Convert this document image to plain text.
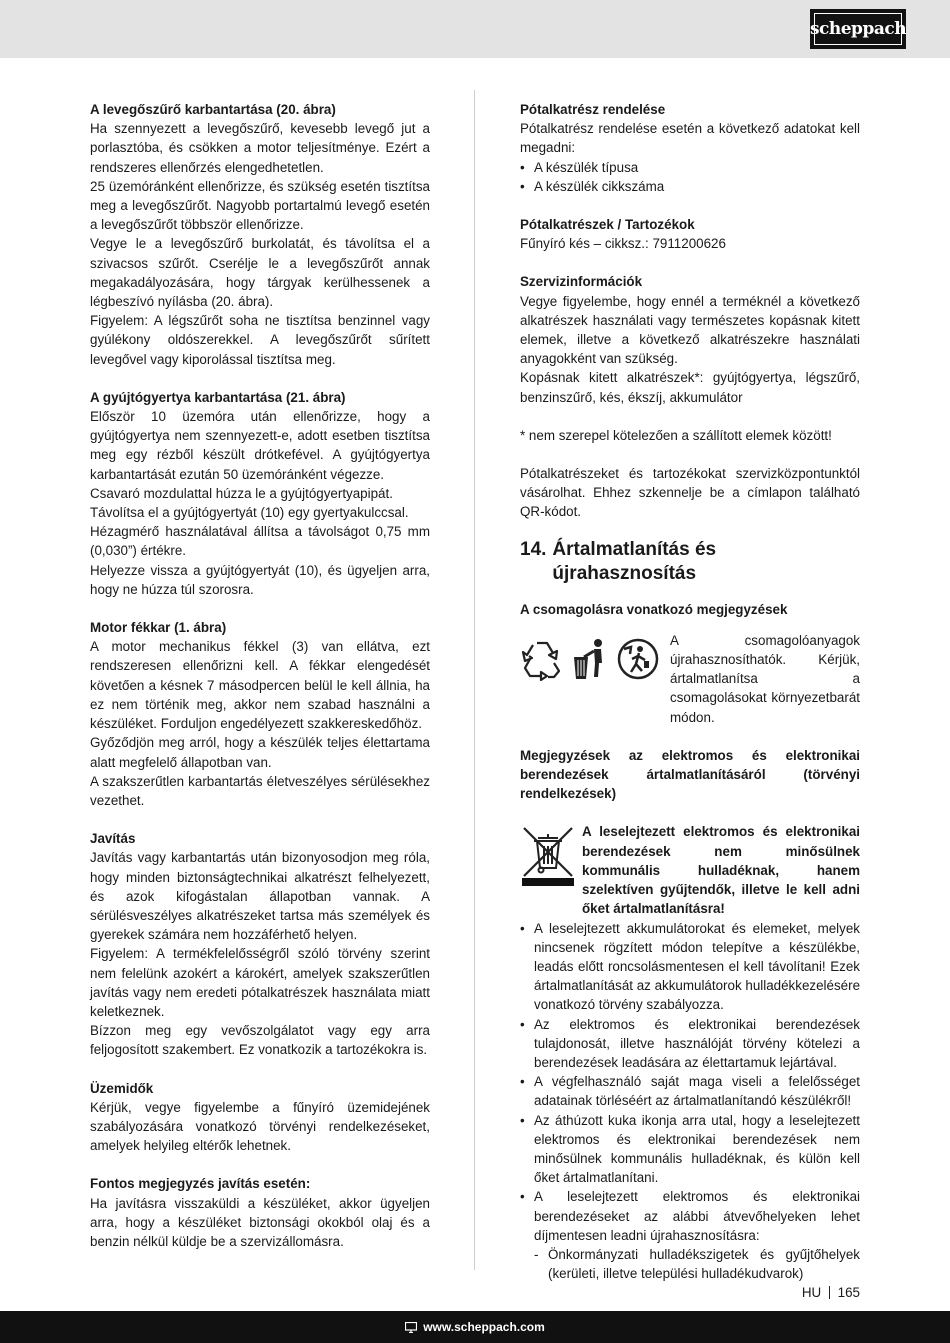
scheppach

A levegőszűrő karbantartása (20. ábra)

Ha szennyezett a levegőszűrő, kevesebb levegő jut a porlasztóba, és csökken a motor teljesítménye. Ezért a rendszeres ellenőrzés elengedhetetlen.

25 üzemóránként ellenőrizze, és szükség esetén tisztítsa meg a levegőszűrőt. Nagyobb portartalmú levegő esetén a levegőszűrőt többször ellenőrizze.

Vegye le a levegőszűrő burkolatát, és távolítsa el a szivacsos szűrőt. Cserélje le a levegőszűrőt annak megakadályozására, hogy tárgyak kerülhessenek a légbeszívó nyílásba (20. ábra).

Figyelem: A légszűrőt soha ne tisztítsa benzinnel vagy gyúlékony oldószerekkel. A levegőszűrőt sűrített levegővel vagy kiporolással tisztítsa meg.

A gyújtógyertya karbantartása (21. ábra)

Először 10 üzemóra után ellenőrizze, hogy a gyújtógyertya nem szennyezett-e, adott esetben tisztítsa meg egy rézből készült drótkefével. A gyújtógyertya karbantartását ezután 50 üzemóránként végezze.

Csavaró mozdulattal húzza le a gyújtógyertyapipát.

Távolítsa el a gyújtógyertyát (10) egy gyertyakulccsal.

Hézagmérő használatával állítsa a távolságot 0,75 mm (0,030”) értékre.

Helyezze vissza a gyújtógyertyát (10), és ügyeljen arra, hogy ne húzza túl szorosra.

Motor fékkar (1. ábra)

A motor mechanikus fékkel (3) van ellátva, ezt rendszeresen ellenőrizni kell. A fékkar elengedését követően a késnek 7 másodpercen belül le kell állnia, ha ez nem történik meg, akkor nem szabad használni a készüléket. Forduljon engedélyezett szakkereskedőhöz.

Győződjön meg arról, hogy a készülék teljes élettartama alatt megfelelő állapotban van.

A szakszerűtlen karbantartás életveszélyes sérülésekhez vezethet.

Javítás

Javítás vagy karbantartás után bizonyosodjon meg róla, hogy minden biztonságtechnikai alkatrészt felhelyezett, és azok kifogástalan állapotban vannak. A sérülésveszélyes alkatrészeket tartsa más személyek és gyerekek számára nem hozzáférhető helyen.

Figyelem: A termékfelelősségről szóló törvény szerint nem felelünk azokért a károkért, amelyek szakszerűtlen javítás vagy nem eredeti pótalkatrészek használata miatt keletkeznek.

Bízzon meg egy vevőszolgálatot vagy egy arra feljogosított szakembert. Ez vonatkozik a tartozékokra is.

Üzemidők

Kérjük, vegye figyelembe a fűnyíró üzemidejének szabályozására vonatkozó törvényi rendelkezéseket, amelyek helyileg eltérők lehetnek.

Fontos megjegyzés javítás esetén:

Ha javításra visszaküldi a készüléket, akkor ügyeljen arra, hogy a készüléket biztonsági okokból olaj és a benzin nélkül küldje be a szervizállomásra.

Pótalkatrész rendelése

Pótalkatrész rendelése esetén a következő adatokat kell megadni:

• A készülék típusa
• A készülék cikkszáma

Pótalkatrészek / Tartozékok

Fűnyíró kés – cikksz.: 7911200626

Szervizinformációk

Vegye figyelembe, hogy ennél a terméknél a következő alkatrészek használati vagy természetes kopásnak kitett elemek, illetve a következő alkatrészekre használati anyagokként van szükség.

Kopásnak kitett alkatrészek*: gyújtógyertya, légszűrő, benzinszűrő, kés, ékszíj, akkumulátor

* nem szerepel kötelezően a szállított elemek között!

Pótalkatrészeket és tartozékokat szervizközpontunktól vásárolhat. Ehhez szkennelje be a címlapon található QR-kódot.

14. Ártalmatlanítás és újrahasznosítás

A csomagolásra vonatkozó megjegyzések

A csomagolóanyagok újrahasznosíthatók. Kérjük, ártalmatlanítsa a csomagolásokat környezetbarát módon.

Megjegyzések az elektromos és elektronikai berendezések ártalmatlanításáról (törvényi rendelkezések)

A leselejtezett elektromos és elektronikai berendezések nem minősülnek kommunális hulladéknak, hanem szelektíven gyűjtendők, illetve le kell adni őket ártalmatlanításra!

• A leselejtezett akkumulátorokat és elemeket, melyek nincsenek rögzített módon telepítve a készülékbe, leadás előtt roncsolásmentesen el kell távolítani! Ezek ártalmatlanítását az akkumulátorok hulladékkezelésére vonatkozó törvény szabályozza.
• Az elektromos és elektronikai berendezések tulajdonosát, illetve használóját törvény kötelezi a berendezések leadására az élettartamuk lejártával.
• A végfelhasználó saját maga viseli a felelősséget adatainak törléséért az ártalmatlanítandó készülékről!
• Az áthúzott kuka ikonja arra utal, hogy a leselejtezett elektromos és elektronikai berendezések nem minősülnek kommunális hulladéknak, és külön kell őket ártalmatlanítani.
• A leselejtezett elektromos és elektronikai berendezéseket az alábbi átvevőhelyeken lehet díjmentesen leadni újrahasznosításra:
- Önkormányzati hulladékszigetek és gyűjtőhelyek (kerületi, illetve települési hulladékudvarok)
HU 165
www.scheppach.com
